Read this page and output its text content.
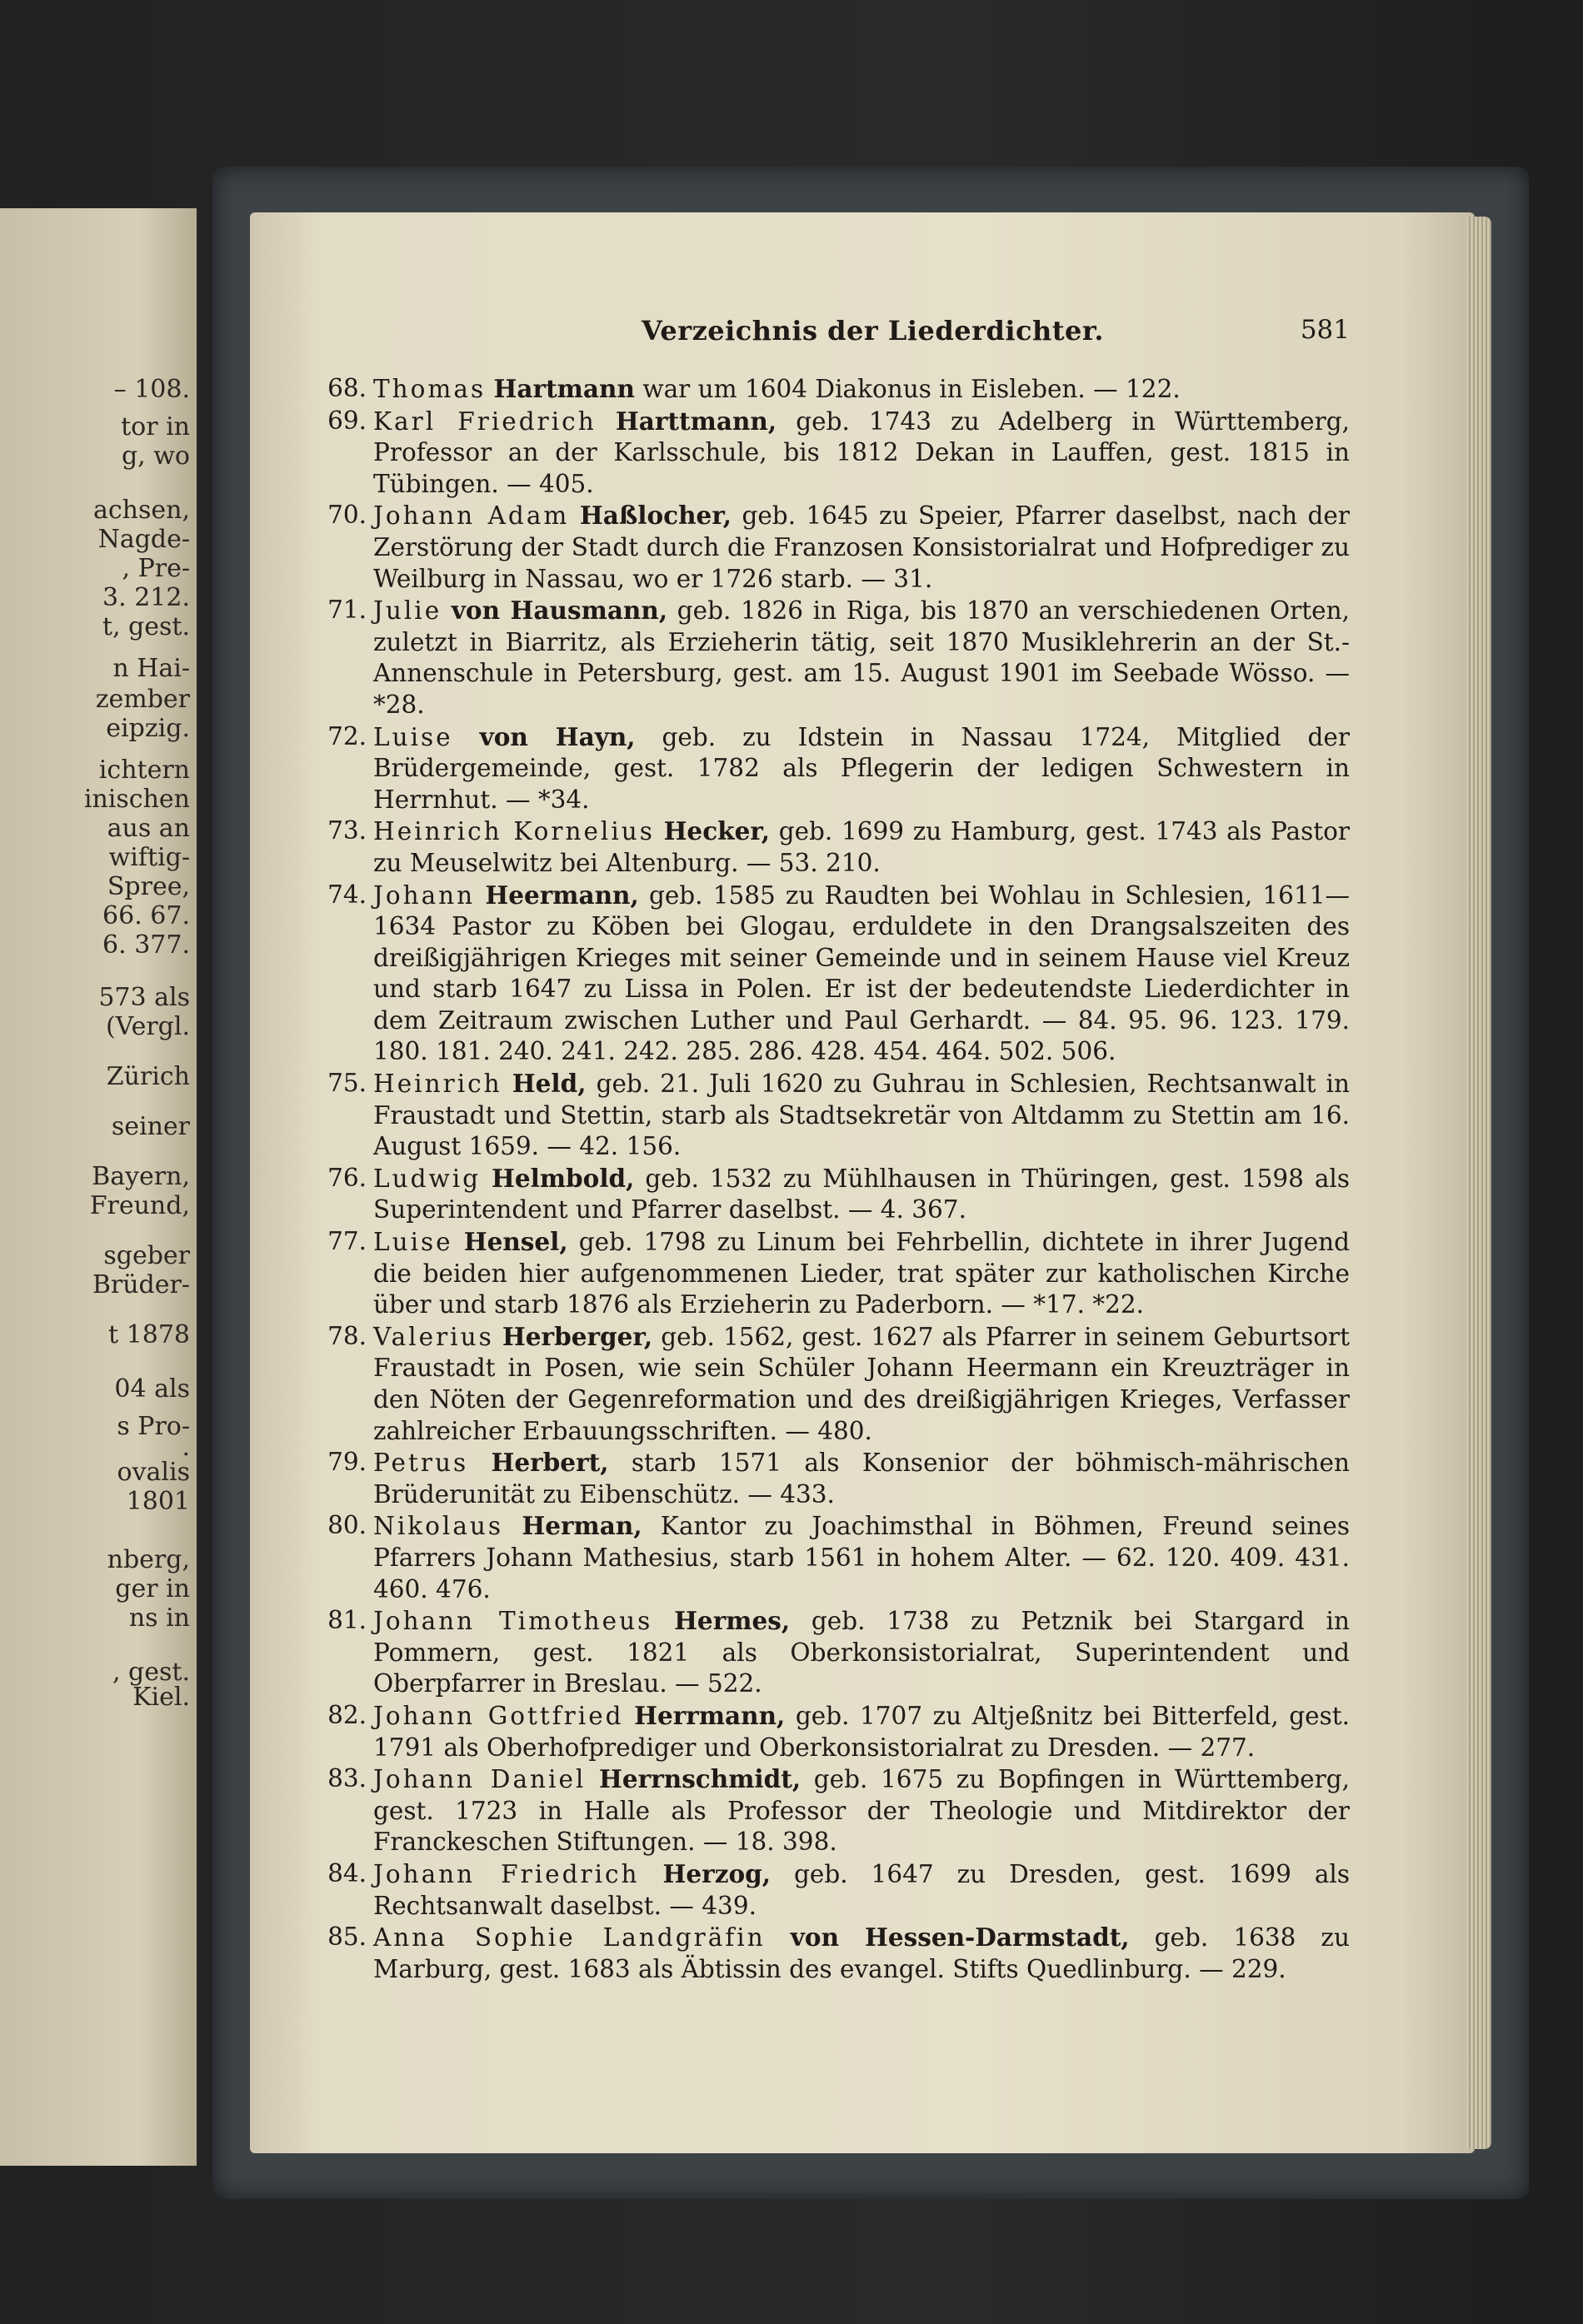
– 108.
tor in
g, wo
achsen,
Nagde-
, Pre-
3. 212.
t, gest.
n Hai-
zember
eipzig.
ichtern
inischen
aus an
wiftig-
Spree,
66. 67.
6. 377.
573 als
(Vergl.
Zürich
seiner
Bayern,
Freund,
sgeber
Brüder-
t 1878
04 als
s Pro-
.
ovalis
1801
nberg,
ger in
ns in
, gest.
Kiel.
Verzeichnis der Liederdichter.	581
68. Thomas Hartmann war um 1604 Diakonus in Eisleben. — 122.
69. Karl Friedrich Harttmann, geb. 1743 zu Adelberg in Württemberg, Professor an der Karlsschule, bis 1812 Dekan in Lauffen, gest. 1815 in Tübingen. — 405.
70. Johann Adam Haßlocher, geb. 1645 zu Speier, Pfarrer daselbst, nach der Zerstörung der Stadt durch die Franzosen Konsistorialrat und Hofprediger zu Weilburg in Nassau, wo er 1726 starb. — 31.
71. Julie von Hausmann, geb. 1826 in Riga, bis 1870 an verschiedenen Orten, zuletzt in Biarritz, als Erzieherin tätig, seit 1870 Musiklehrerin an der St.-Annenschule in Petersburg, gest. am 15. August 1901 im Seebade Wösso. — *28.
72. Luise von Hayn, geb. zu Idstein in Nassau 1724, Mitglied der Brüdergemeinde, gest. 1782 als Pflegerin der ledigen Schwestern in Herrnhut. — *34.
73. Heinrich Kornelius Hecker, geb. 1699 zu Hamburg, gest. 1743 als Pastor zu Meuselwitz bei Altenburg. — 53. 210.
74. Johann Heermann, geb. 1585 zu Raudten bei Wohlau in Schlesien, 1611—1634 Pastor zu Köben bei Glogau, erduldete in den Drangsalszeiten des dreißigjährigen Krieges mit seiner Gemeinde und in seinem Hause viel Kreuz und starb 1647 zu Lissa in Polen. Er ist der bedeutendste Liederdichter in dem Zeitraum zwischen Luther und Paul Gerhardt. — 84. 95. 96. 123. 179. 180. 181. 240. 241. 242. 285. 286. 428. 454. 464. 502. 506.
75. Heinrich Held, geb. 21. Juli 1620 zu Guhrau in Schlesien, Rechtsanwalt in Fraustadt und Stettin, starb als Stadtsekretär von Altdamm zu Stettin am 16. August 1659. — 42. 156.
76. Ludwig Helmbold, geb. 1532 zu Mühlhausen in Thüringen, gest. 1598 als Superintendent und Pfarrer daselbst. — 4. 367.
77. Luise Hensel, geb. 1798 zu Linum bei Fehrbellin, dichtete in ihrer Jugend die beiden hier aufgenommenen Lieder, trat später zur katholischen Kirche über und starb 1876 als Erzieherin zu Paderborn. — *17. *22.
78. Valerius Herberger, geb. 1562, gest. 1627 als Pfarrer in seinem Geburtsort Fraustadt in Posen, wie sein Schüler Johann Heermann ein Kreuzträger in den Nöten der Gegenreformation und des dreißigjährigen Krieges, Verfasser zahlreicher Erbauungsschriften. — 480.
79. Petrus Herbert, starb 1571 als Konsenior der böhmisch-mährischen Brüderunität zu Eibenschütz. — 433.
80. Nikolaus Herman, Kantor zu Joachimsthal in Böhmen, Freund seines Pfarrers Johann Mathesius, starb 1561 in hohem Alter. — 62. 120. 409. 431. 460. 476.
81. Johann Timotheus Hermes, geb. 1738 zu Petznik bei Stargard in Pommern, gest. 1821 als Oberkonsistorialrat, Superintendent und Oberpfarrer in Breslau. — 522.
82. Johann Gottfried Herrmann, geb. 1707 zu Altjeßnitz bei Bitterfeld, gest. 1791 als Oberhofprediger und Oberkonsistorialrat zu Dresden. — 277.
83. Johann Daniel Herrnschmidt, geb. 1675 zu Bopfingen in Württemberg, gest. 1723 in Halle als Professor der Theologie und Mitdirektor der Franckeschen Stiftungen. — 18. 398.
84. Johann Friedrich Herzog, geb. 1647 zu Dresden, gest. 1699 als Rechtsanwalt daselbst. — 439.
85. Anna Sophie Landgräfin von Hessen-Darmstadt, geb. 1638 zu Marburg, gest. 1683 als Äbtissin des evangel. Stifts Quedlinburg. — 229.
